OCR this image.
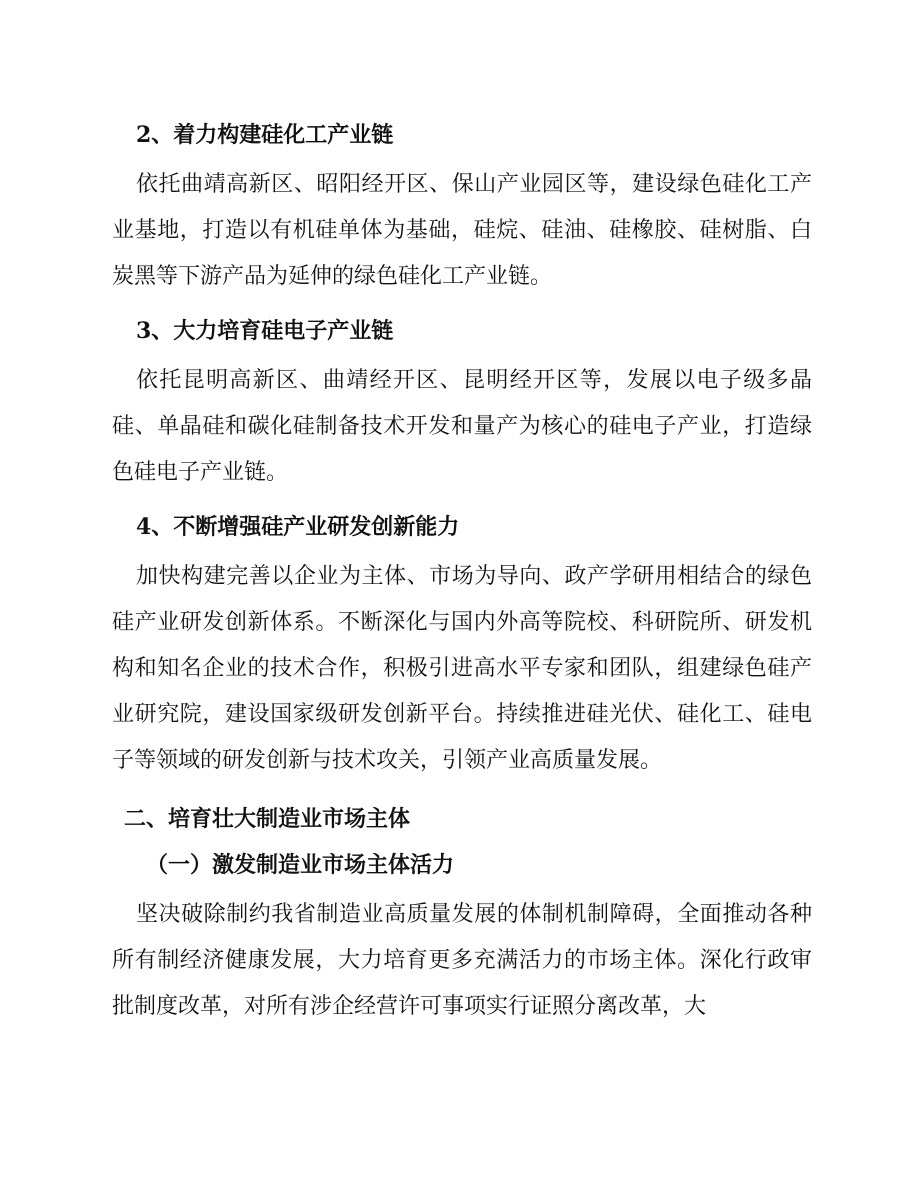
2、着力构建硅化工产业链

依托曲靖高新区、昭阳经开区、保山产业园区等，建设绿色硅化工产业基地，打造以有机硅单体为基础，硅烷、硅油、硅橡胶、硅树脂、白炭黑等下游产品为延伸的绿色硅化工产业链。

3、大力培育硅电子产业链

依托昆明高新区、曲靖经开区、昆明经开区等，发展以电子级多晶硅、单晶硅和碳化硅制备技术开发和量产为核心的硅电子产业，打造绿色硅电子产业链。

4、不断增强硅产业研发创新能力

加快构建完善以企业为主体、市场为导向、政产学研用相结合的绿色硅产业研发创新体系。不断深化与国内外高等院校、科研院所、研发机构和知名企业的技术合作，积极引进高水平专家和团队，组建绿色硅产业研究院，建设国家级研发创新平台。持续推进硅光伏、硅化工、硅电子等领域的研发创新与技术攻关，引领产业高质量发展。

二、培育壮大制造业市场主体
（一）激发制造业市场主体活力

坚决破除制约我省制造业高质量发展的体制机制障碍，全面推动各种所有制经济健康发展，大力培育更多充满活力的市场主体。深化行政审批制度改革，对所有涉企经营许可事项实行证照分离改革，大
